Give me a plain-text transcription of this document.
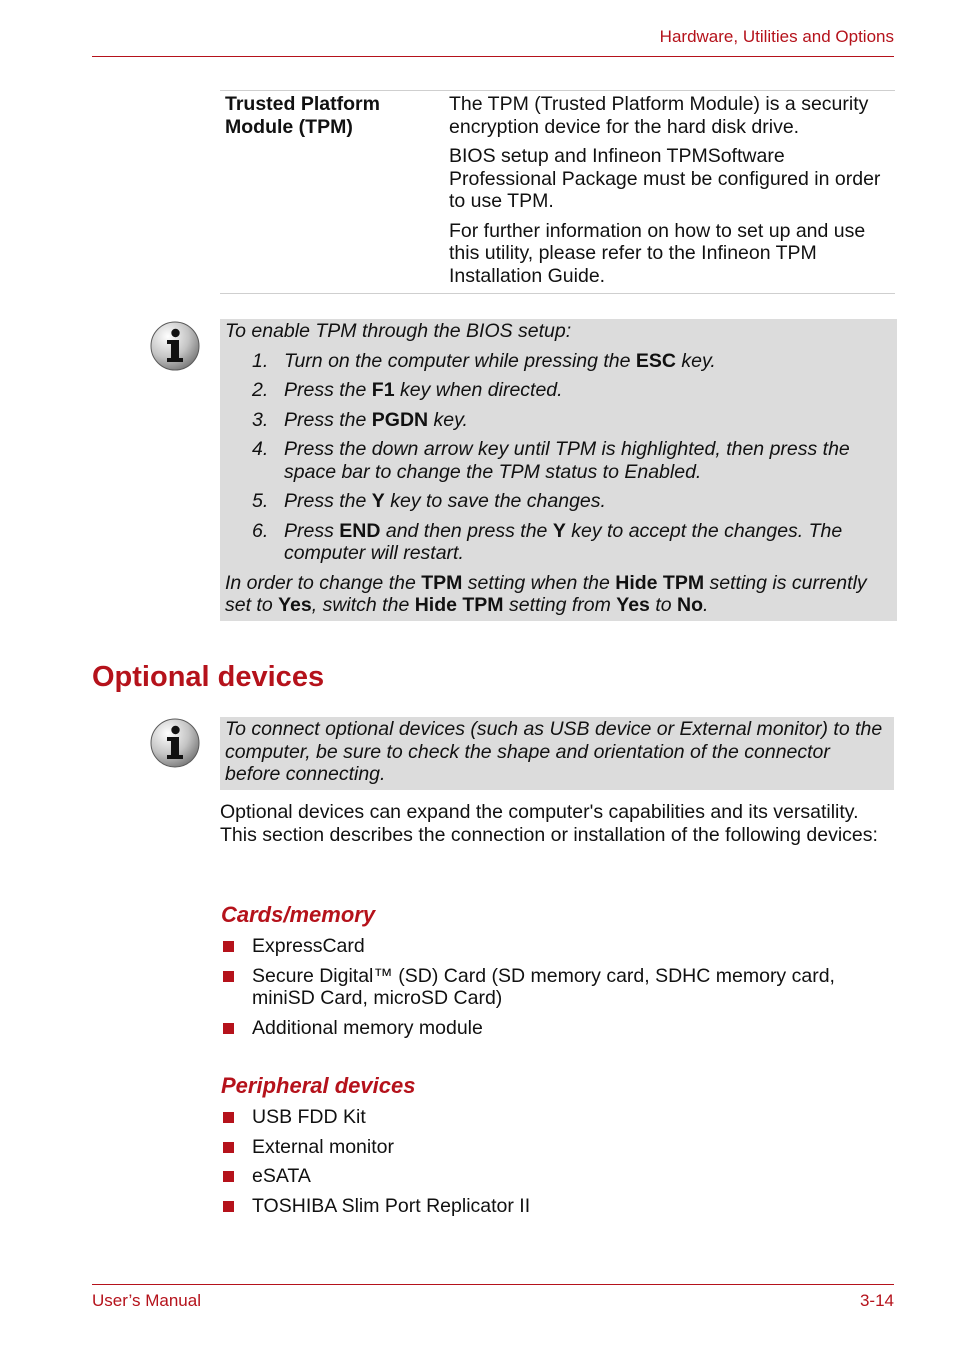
Hardware, Utilities and Options
Trusted Platform Module (TPM)

The TPM (Trusted Platform Module) is a security encryption device for the hard disk drive.

BIOS setup and Infineon TPMSoftware Professional Package must be configured in order to use TPM.

For further information on how to set up and use this utility, please refer to the Infineon TPM Installation Guide.

To enable TPM through the BIOS setup:

1. Turn on the computer while pressing the ESC key.
2. Press the F1 key when directed.
3. Press the PGDN key.
4. Press the down arrow key until TPM is highlighted, then press the space bar to change the TPM status to Enabled.
5. Press the Y key to save the changes.
6. Press END and then press the Y key to accept the changes. The computer will restart.

In order to change the TPM setting when the Hide TPM setting is currently set to Yes, switch the Hide TPM setting from Yes to No.

Optional devices

To connect optional devices (such as USB device or External monitor) to the computer, be sure to check the shape and orientation of the connector before connecting.

Optional devices can expand the computer's capabilities and its versatility. This section describes the connection or installation of the following devices:

Cards/memory
ExpressCard
Secure Digital™ (SD) Card (SD memory card, SDHC memory card, miniSD Card, microSD Card)
Additional memory module
Peripheral devices
USB FDD Kit
External monitor
eSATA
TOSHIBA Slim Port Replicator II
User’s Manual	3-14
